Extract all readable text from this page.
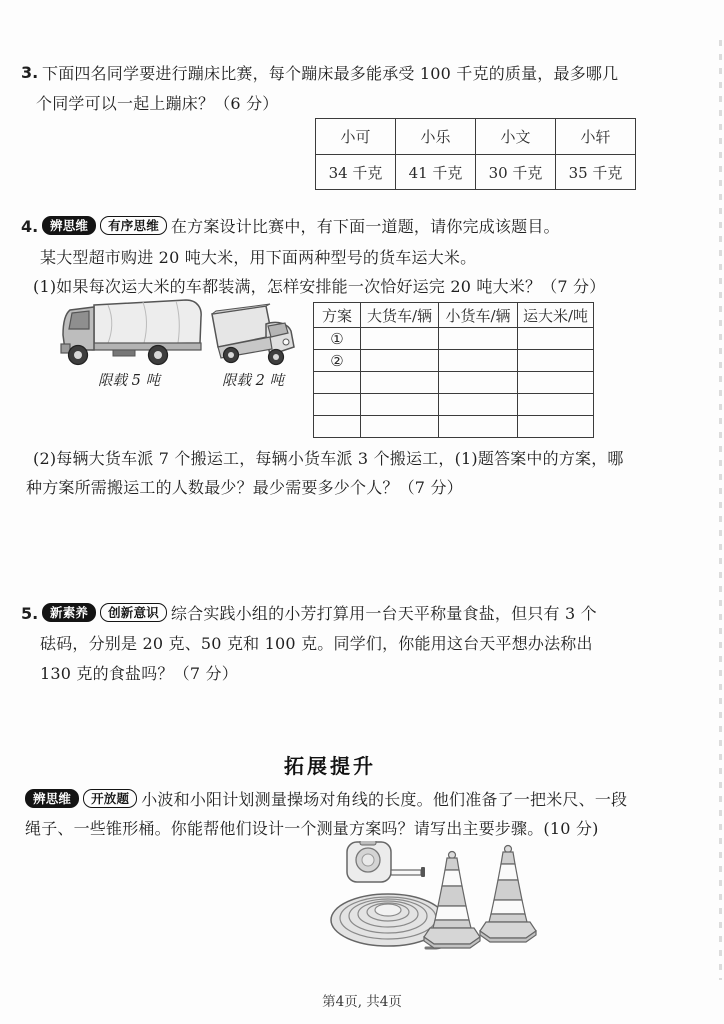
3. 下面四名同学要进行蹦床比赛，每个蹦床最多能承受 100 千克的质量，最多哪几
个同学可以一起上蹦床？（6 分）
小可	小乐	小文	小轩
34 千克	41 千克	30 千克	35 千克
4. 辨思维 有序思维 在方案设计比赛中，有下面一道题，请你完成该题目。
某大型超市购进 20 吨大米，用下面两种型号的货车运大米。
(1)如果每次运大米的车都装满，怎样安排能一次恰好运完 20 吨大米？（7 分）
限载 5 吨	限载 2 吨
方案	大货车/辆	小货车/辆	运大米/吨
①			
②			

(2)每辆大货车派 7 个搬运工，每辆小货车派 3 个搬运工，(1)题答案中的方案，哪
种方案所需搬运工的人数最少？最少需要多少个人？（7 分）
5. 新素养 创新意识 综合实践小组的小芳打算用一台天平称量食盐，但只有 3 个
砝码，分别是 20 克、50 克和 100 克。同学们，你能用这台天平想办法称出
130 克的食盐吗？（7 分）
拓展提升
辨思维 开放题 小波和小阳计划测量操场对角线的长度。他们准备了一把米尺、一段
绳子、一些锥形桶。你能帮他们设计一个测量方案吗？请写出主要步骤。(10 分)
第4页, 共4页
